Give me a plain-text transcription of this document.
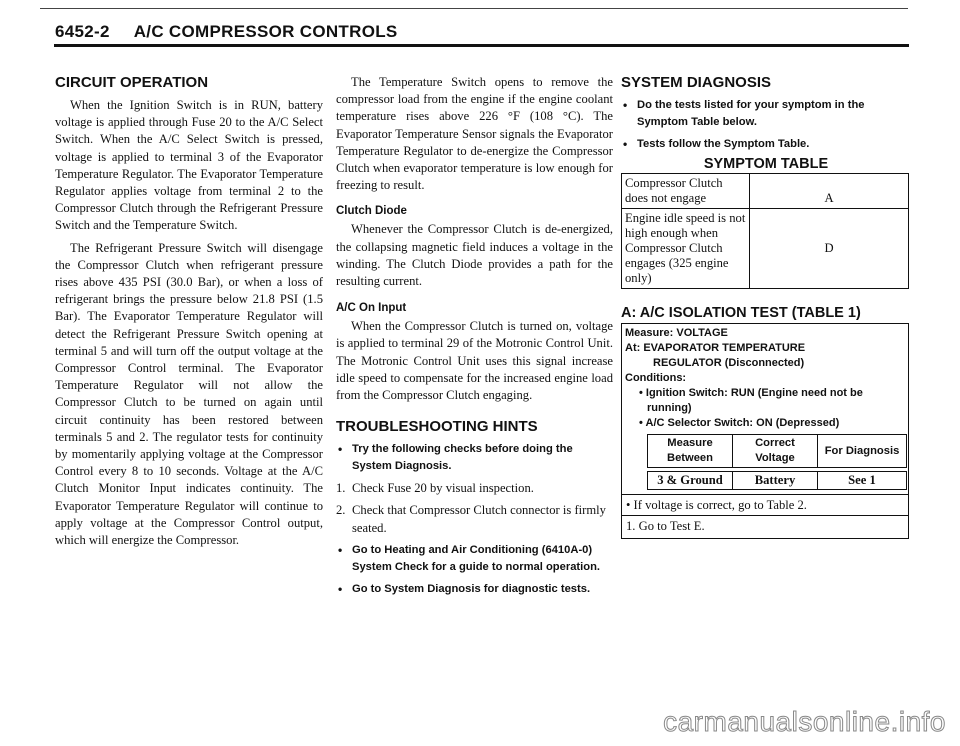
6452-2 A/C COMPRESSOR CONTROLS
CIRCUIT OPERATION

When the Ignition Switch is in RUN, battery voltage is applied through Fuse 20 to the A/C Select Switch. When the A/C Select Switch is pressed, voltage is applied to terminal 3 of the Evaporator Temperature Regulator. The Evaporator Temperature Regulator applies voltage from terminal 2 to the Compressor Clutch through the Refrigerant Pressure Switch and the Temperature Switch.

The Refrigerant Pressure Switch will disengage the Compressor Clutch when refrigerant pressure rises above 435 PSI (30.0 Bar), or when a loss of refrigerant brings the pressure below 21.8 PSI (1.5 Bar). The Evaporator Temperature Regulator will detect the Refrigerant Pressure Switch opening at terminal 5 and will turn off the output voltage at the Compressor Control terminal. The Evaporator Temperature Regulator will not allow the Compressor Clutch to be turned on again until circuit continuity has been restored between terminals 5 and 2. The regulator tests for continuity by momentarily applying voltage at the Compressor Control every 8 to 10 seconds. Voltage at the A/C Clutch Monitor Input indicates continuity. The Evaporator Temperature Regulator will continue to apply voltage at the Compressor Control output, which will energize the Compressor.

The Temperature Switch opens to remove the compressor load from the engine if the engine coolant temperature rises above 226 °F (108 °C). The Evaporator Temperature Sensor signals the Evaporator Temperature Regulator to de-energize the Compressor Clutch when evaporator temperature is low enough for freezing to result.

Clutch Diode

Whenever the Compressor Clutch is de-energized, the collapsing magnetic field induces a voltage in the winding. The Clutch Diode provides a path for the resulting current.

A/C On Input

When the Compressor Clutch is turned on, voltage is applied to terminal 29 of the Motronic Control Unit. The Motronic Control Unit uses this signal increase idle speed to compensate for the increased engine load from the Compressor Clutch engaging.

TROUBLESHOOTING HINTS
• Try the following checks before doing the System Diagnosis.
1. Check Fuse 20 by visual inspection.
2. Check that Compressor Clutch connector is firmly seated.
• Go to Heating and Air Conditioning (6410A-0) System Check for a guide to normal operation.
• Go to System Diagnosis for diagnostic tests.
SYSTEM DIAGNOSIS
• Do the tests listed for your symptom in the Symptom Table below.
• Tests follow the Symptom Table.
SYMPTOM TABLE
Compressor Clutch does not engage	A
Engine idle speed is not high enough when Compressor Clutch engages (325 engine only)	D
A: A/C ISOLATION TEST (TABLE 1)
Measure: VOLTAGE
At: EVAPORATOR TEMPERATURE
REGULATOR (Disconnected)
Conditions:
• Ignition Switch: RUN (Engine need not be running)
• A/C Selector Switch: ON (Depressed)
Measure Between	Correct Voltage	For Diagnosis
3 & Ground	Battery	See 1
• If voltage is correct, go to Table 2.
1. Go to Test E.
carmanualsonline.info
